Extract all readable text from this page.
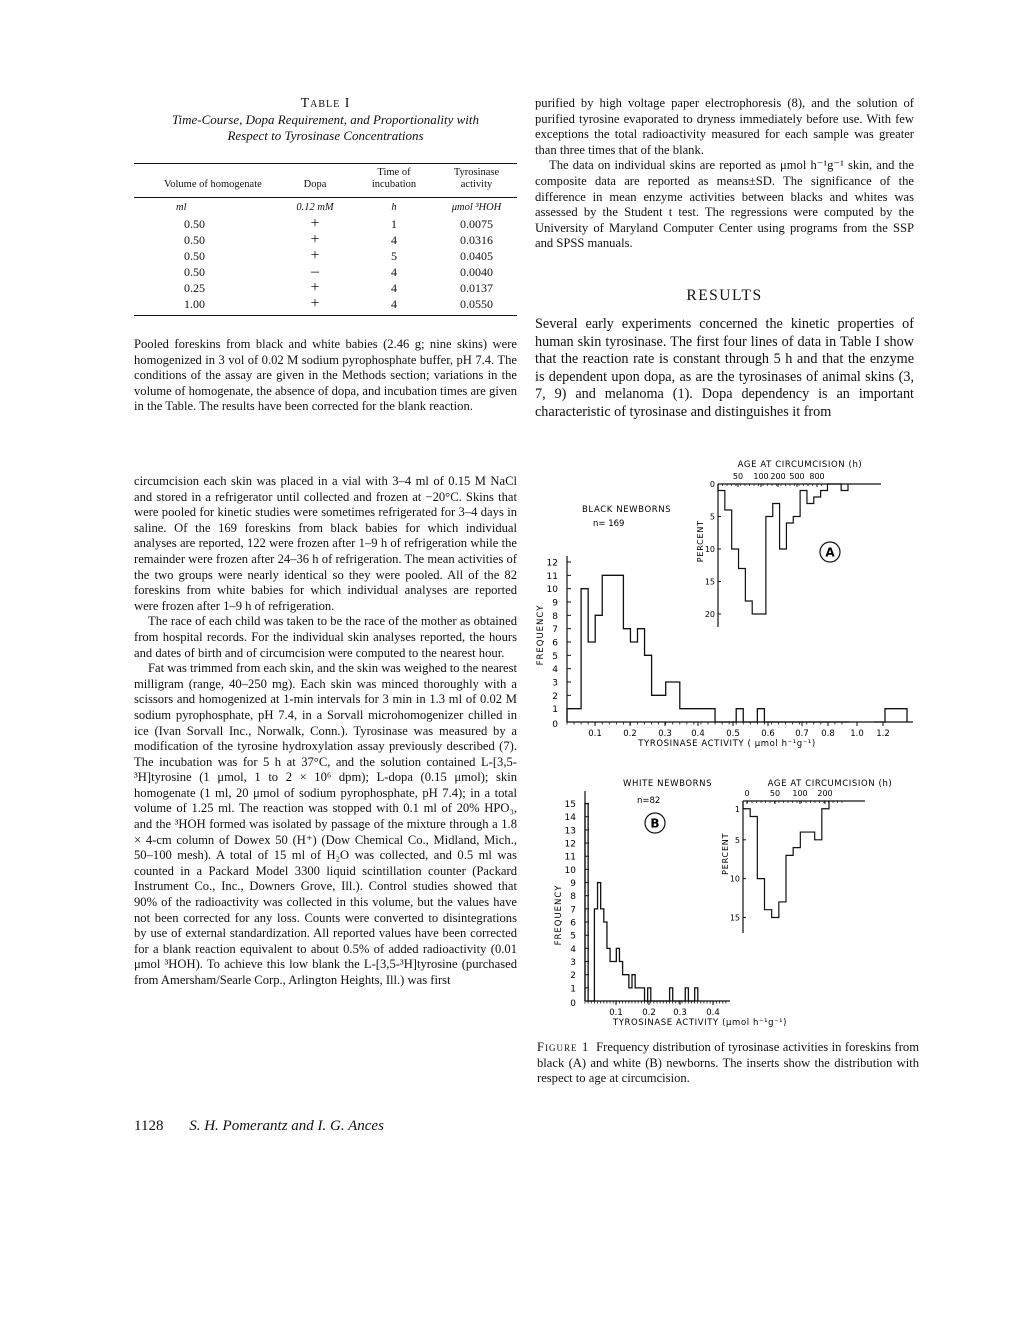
Table I
Time-Course, Dopa Requirement, and Proportionality with
Respect to Tyrosinase Concentrations
Volume of homogenate	Dopa	Time of incubation	Tyrosinase activity
ml	0.12 mM	h	μmol ³HOH
0.50	+	1	0.0075
0.50	+	4	0.0316
0.50	+	5	0.0405
0.50	–	4	0.0040
0.25	+	4	0.0137
1.00	+	4	0.0550
Pooled foreskins from black and white babies (2.46 g; nine skins) were homogenized in 3 vol of 0.02 M sodium pyrophosphate buffer, pH 7.4. The conditions of the assay are given in the Methods section; variations in the volume of homogenate, the absence of dopa, and incubation times are given in the Table. The results have been corrected for the blank reaction.

circumcision each skin was placed in a vial with 3–4 ml of 0.15 M NaCl and stored in a refrigerator until collected and frozen at −20°C. Skins that were pooled for kinetic studies were sometimes refrigerated for 3–4 days in saline. Of the 169 foreskins from black babies for which individual analyses are reported, 122 were frozen after 1–9 h of refrigeration while the remainder were frozen after 24–36 h of refrigeration. The mean activities of the two groups were nearly identical so they were pooled. All of the 82 foreskins from white babies for which individual analyses are reported were frozen after 1–9 h of refrigeration.

The race of each child was taken to be the race of the mother as obtained from hospital records. For the individual skin analyses reported, the hours and dates of birth and of circumcision were computed to the nearest hour.

Fat was trimmed from each skin, and the skin was weighed to the nearest milligram (range, 40–250 mg). Each skin was minced thoroughly with a scissors and homogenized at 1-min intervals for 3 min in 1.3 ml of 0.02 M sodium pyrophosphate, pH 7.4, in a Sorvall microhomogenizer chilled in ice (Ivan Sorvall Inc., Norwalk, Conn.). Tyrosinase was measured by a modification of the tyrosine hydroxylation assay previously described (7). The incubation was for 5 h at 37°C, and the solution contained L-[3,5-³H]tyrosine (1 μmol, 1 to 2 × 10⁶ dpm); L-dopa (0.15 μmol); skin homogenate (1 ml, 20 μmol of sodium pyrophosphate, pH 7.4); in a total volume of 1.25 ml. The reaction was stopped with 0.1 ml of 20% HPO₃, and the ³HOH formed was isolated by passage of the mixture through a 1.8 × 4-cm column of Dowex 50 (H⁺) (Dow Chemical Co., Midland, Mich., 50–100 mesh). A total of 15 ml of H₂O was collected, and 0.5 ml was counted in a Packard Model 3300 liquid scintillation counter (Packard Instrument Co., Inc., Downers Grove, Ill.). Control studies showed that 90% of the radioactivity was collected in this volume, but the values have not been corrected for any loss. Counts were converted to disintegrations by use of external standardization. All reported values have been corrected for a blank reaction equivalent to about 0.5% of added radioactivity (0.01 μmol ³HOH). To achieve this low blank the L-[3,5-³H]tyrosine (purchased from Amersham/Searle Corp., Arlington Heights, Ill.) was first

purified by high voltage paper electrophoresis (8), and the solution of purified tyrosine evaporated to dryness immediately before use. With few exceptions the total radioactivity measured for each sample was greater than three times that of the blank.

The data on individual skins are reported as μmol h⁻¹g⁻¹ skin, and the composite data are reported as means±SD. The significance of the difference in mean enzyme activities between blacks and whites was assessed by the Student t test. The regressions were computed by the University of Maryland Computer Center using programs from the SSP and SPSS manuals.

RESULTS
Several early experiments concerned the kinetic properties of human skin tyrosinase. The first four lines of data in Table I show that the reaction rate is constant through 5 h and that the enzyme is dependent upon dopa, as are the tyrosinases of animal skins (3, 7, 9) and melanoma (1). Dopa dependency is an important characteristic of tyrosinase and distinguishes it from
1
2
3
4
5
6
7
8
9
10
11
12
0
0.1	0.2	0.3 0.4	0.5	0.6 0.7 0.8 1.0 1.2
TYROSINASE ACTIVITY ( μmol h⁻¹g⁻¹)
FREQUENCY
BLACK NEWBORNS
n= 169
A
AGE AT CIRCUMCISION (h)
50 100 200 500 800
5
10
15
20
0
PERCENT
1
2
3
4
5
6
7
8
9
10
11
12
13
14
15
0
0.1 0.2 0.3 0.4
TYROSINASE ACTIVITY (μmol h⁻¹g⁻¹)
FREQUENCY
WHITE NEWBORNS
n=82
B
AGE AT CIRCUMCISION (h)
0	50 100 200
1
5
10
15
PERCENT
Figure 1 Frequency distribution of tyrosinase activities in foreskins from black (A) and white (B) newborns. The inserts show the distribution with respect to age at circumcision.
1128 S. H. Pomerantz and I. G. Ances
